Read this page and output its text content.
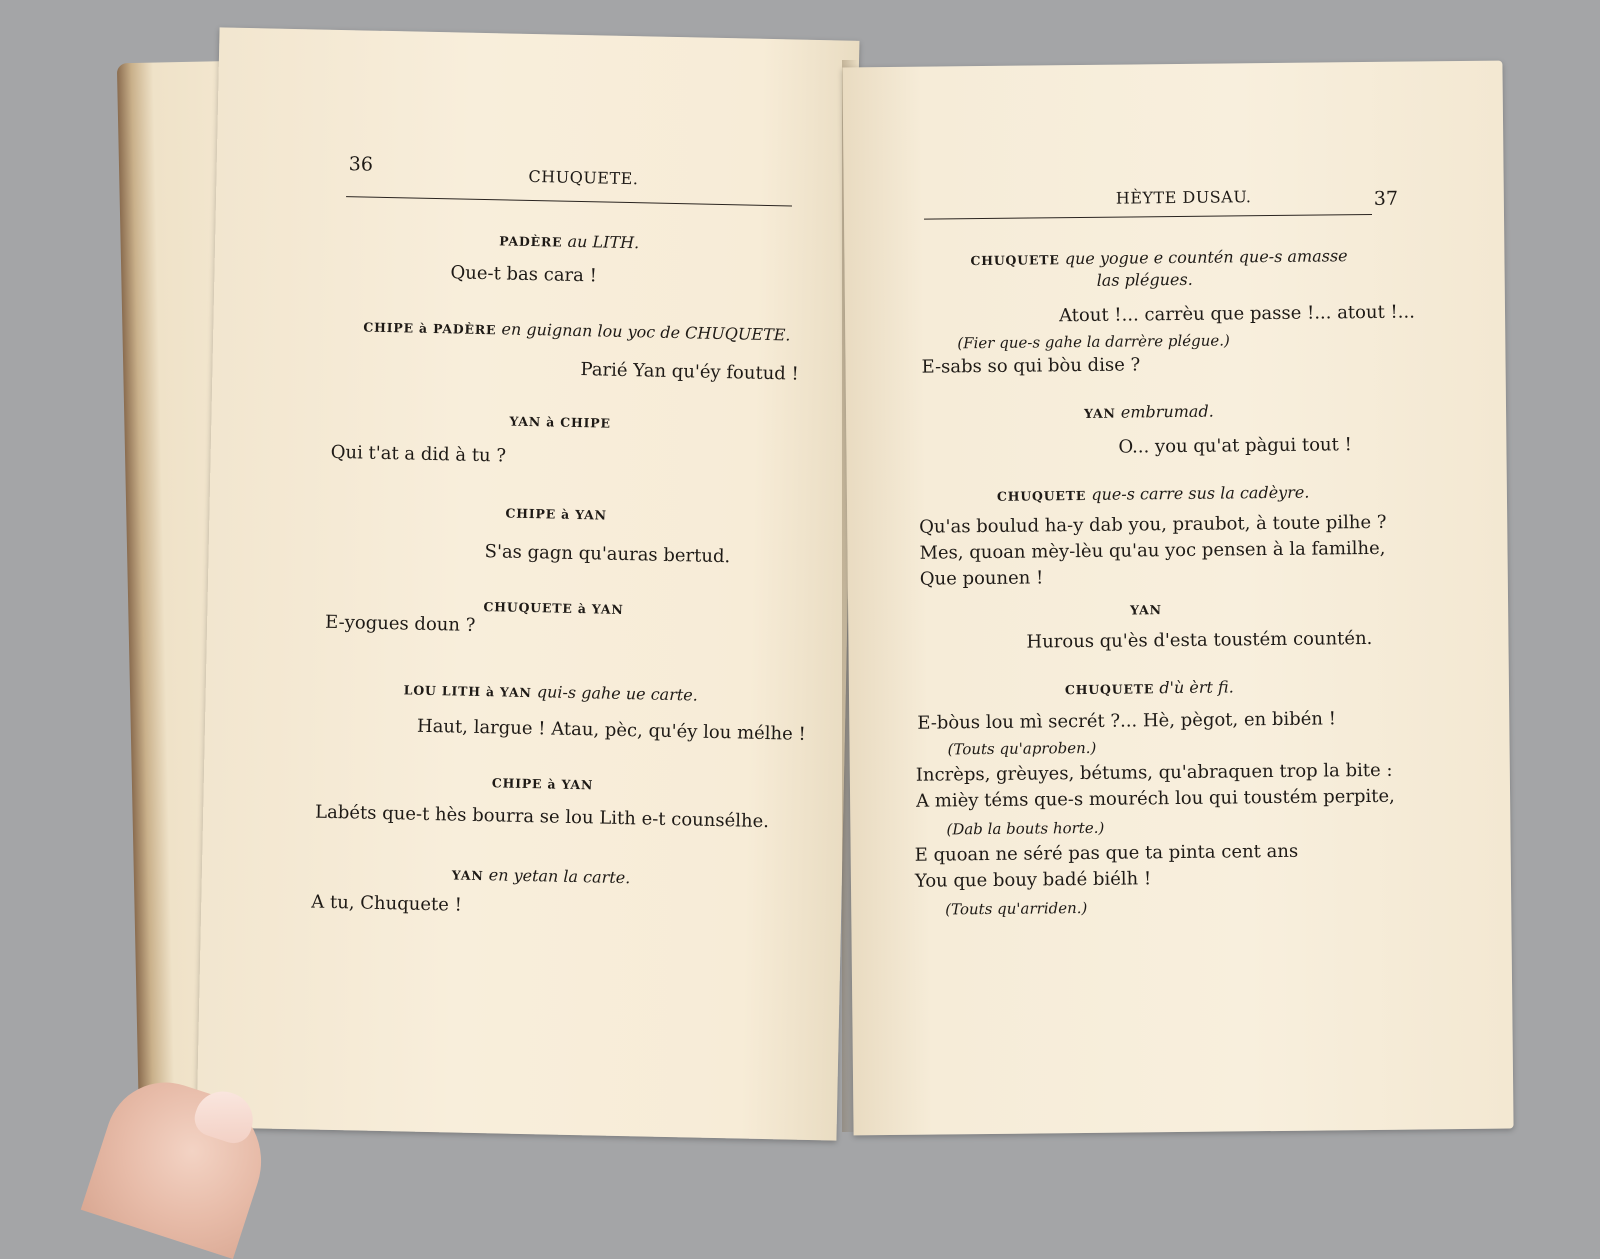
36
CHUQUETE.
PADÈRE au LITH.
Que-t bas cara !
CHIPE à PADÈRE en guignan lou yoc de CHUQUETE.
Parié Yan qu'éy foutud !
YAN à CHIPE
Qui t'at a did à tu ?
CHIPE à YAN
S'as gagn qu'auras bertud.
CHUQUETE à YAN
E-yogues doun ?
LOU LITH à YAN qui-s gahe ue carte.
Haut, largue ! Atau, pèc, qu'éy lou mélhe !
CHIPE à YAN
Labéts que-t hès bourra se lou Lith e-t counsélhe.
YAN en yetan la carte.
A tu, Chuquete !
HÈYTE DUSAU.	37
CHUQUETE que yogue e countén que-s amasse
las plégues.
Atout !... carrèu que passe !... atout !...
(Fier que-s gahe la darrère plégue.)
E-sabs so qui bòu dise ?
YAN embrumad.
O... you qu'at pàgui tout !
CHUQUETE que-s carre sus la cadèyre.
Qu'as boulud ha-y dab you, praubot, à toute pilhe ?
Mes, quoan mèy-lèu qu'au yoc pensen à la familhe,
Que pounen !
YAN
Hurous qu'ès d'esta toustém countén.
CHUQUETE d'ù èrt fi.
E-bòus lou mì secrét ?... Hè, pègot, en bibén !
(Touts qu'aproben.)
Incrèps, grèuyes, bétums, qu'abraquen trop la bite :
A mièy téms que-s mouréch lou qui toustém perpite,
(Dab la bouts horte.)
E quoan ne séré pas que ta pinta cent ans
You que bouy badé biélh !
(Touts qu'arriden.)
